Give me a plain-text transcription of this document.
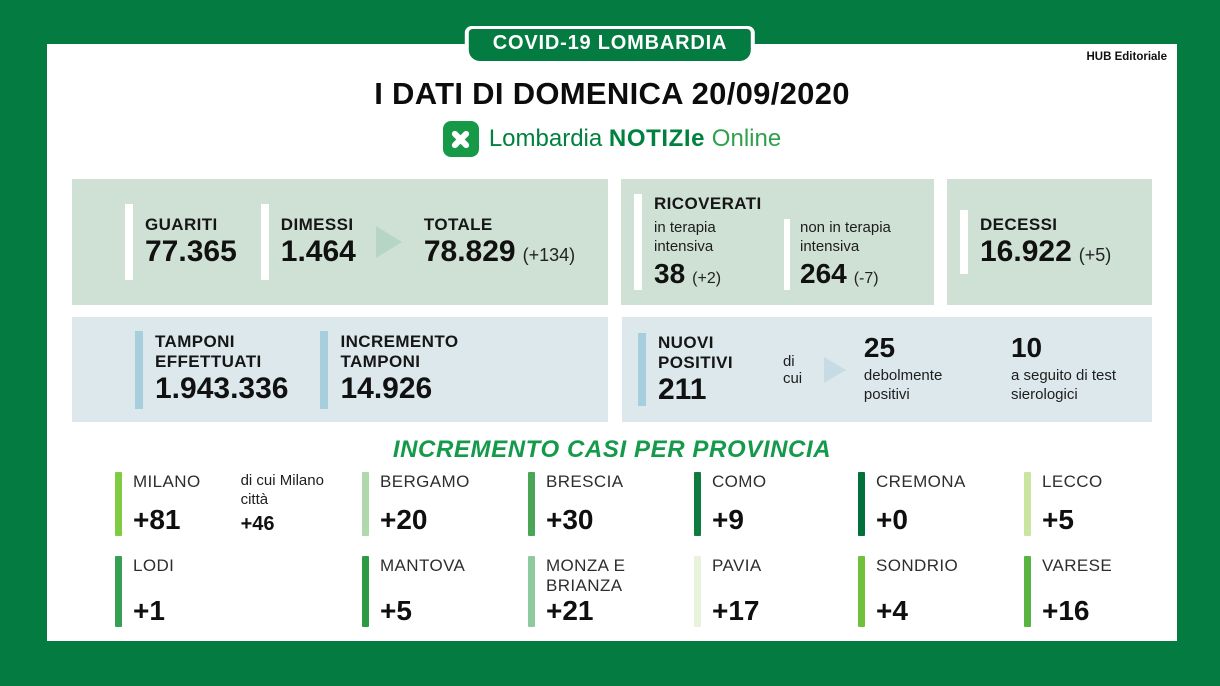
COVID-19 LOMBARDIA
HUB Editoriale
I DATI DI DOMENICA 20/09/2020
Lombardia NOTIZIe Online
GUARITI
77.365
DIMESSI
1.464
TOTALE
78.829 (+134)
RICOVERATI
in terapia intensiva
38 (+2)
non in terapia intensiva
264 (-7)
DECESSI
16.922 (+5)
TAMPONI EFFETTUATI
1.943.336
INCREMENTO TAMPONI
14.926
NUOVI POSITIVI
211
di cui
25
debolmente positivi
10
a seguito di test sierologici
INCREMENTO CASI PER PROVINCIA
MILANO
+81
di cui Milano città
+46
BERGAMO
+20
BRESCIA
+30
COMO
+9
CREMONA
+0
LECCO
+5
LODI
+1
MANTOVA
+5
MONZA E BRIANZA
+21
PAVIA
+17
SONDRIO
+4
VARESE
+16
